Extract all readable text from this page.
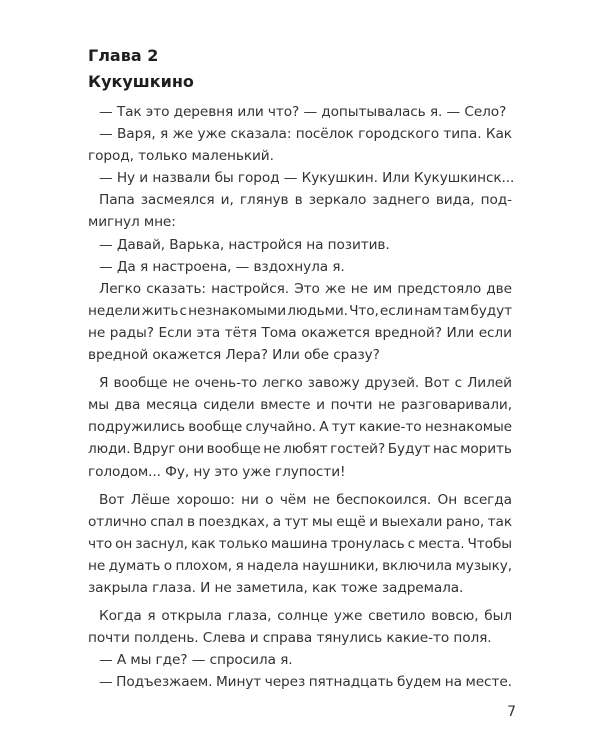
Глава 2
Кукушкино

— Так это деревня или что? — допытывалась я. — Село?

— Варя, я же уже сказала: посёлок городского типа. Как
город, только маленький.

— Ну и назвали бы город — Кукушкин. Или Кукушкинск...

Папа засмеялся и, глянув в зеркало заднего вида, под-
мигнул мне:

— Давай, Варька, настройся на позитив.

— Да я настроена, — вздохнула я.

Легко сказать: настройся. Это же не им предстояло две
недели жить с незнакомыми людьми. Что, если нам там будут
не рады? Если эта тётя Тома окажется вредной? Или если
вредной окажется Лера? Или обе сразу?

Я вообще не очень-то легко завожу друзей. Вот с Лилей
мы два месяца сидели вместе и почти не разговаривали,
подружились вообще случайно. А тут какие-то незнакомые
люди. Вдруг они вообще не любят гостей? Будут нас морить
голодом... Фу, ну это уже глупости!

Вот Лёше хорошо: ни о чём не беспокоился. Он всегда
отлично спал в поездках, а тут мы ещё и выехали рано, так
что он заснул, как только машина тронулась с места. Чтобы
не думать о плохом, я надела наушники, включила музыку,
закрыла глаза. И не заметила, как тоже задремала.

Когда я открыла глаза, солнце уже светило вовсю, был
почти полдень. Слева и справа тянулись какие-то поля.

— А мы где? — спросила я.

— Подъезжаем. Минут через пятнадцать будем на месте.

7
